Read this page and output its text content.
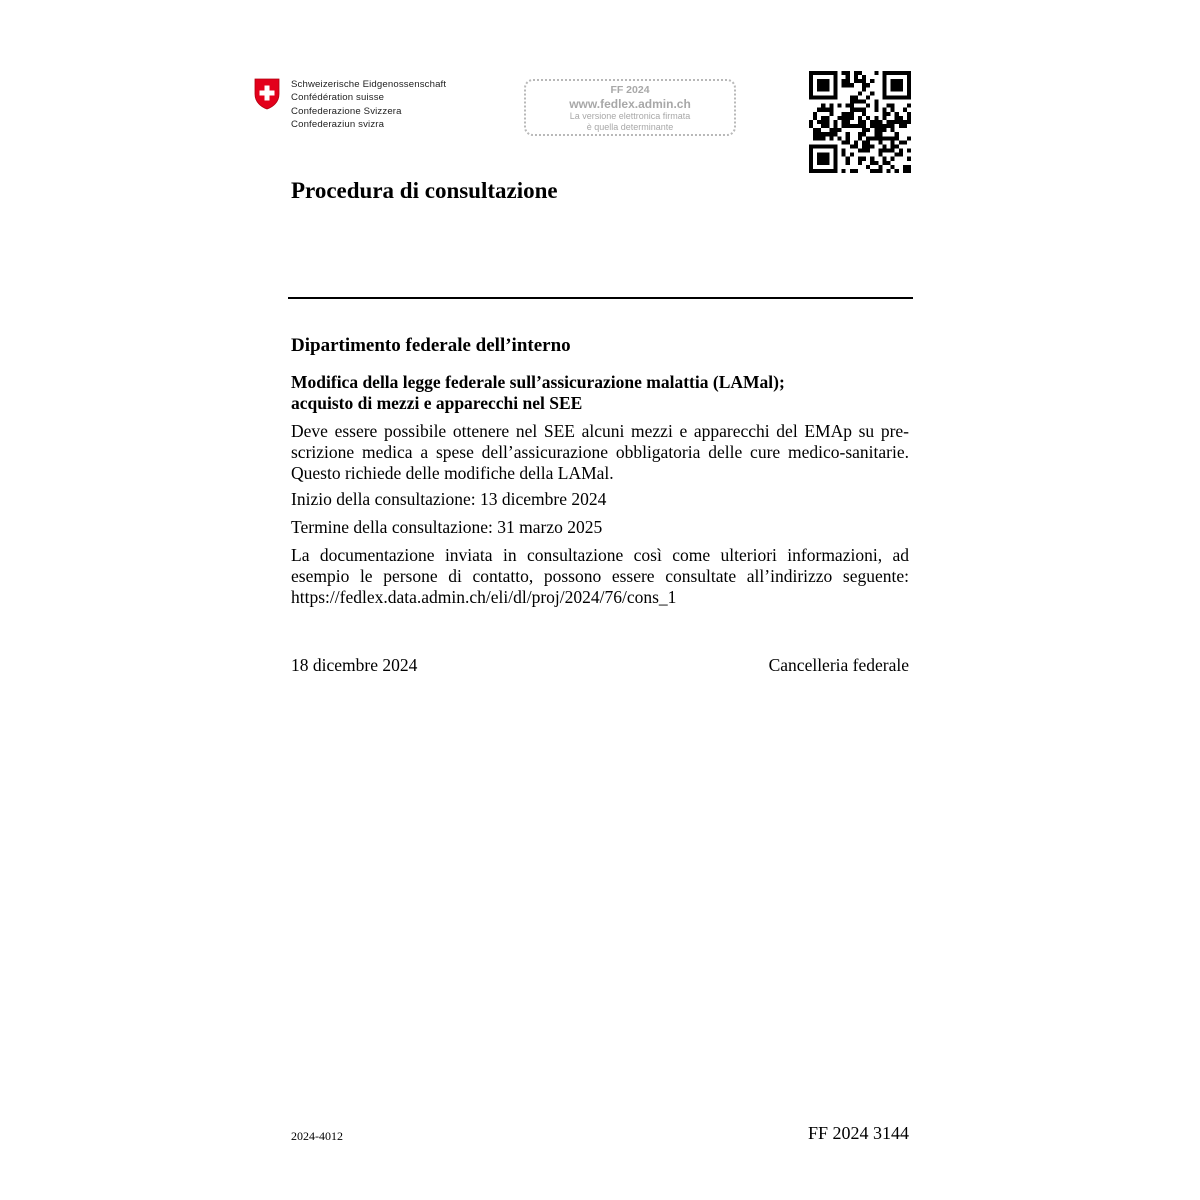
Schweizerische Eidgenossenschaft
Confédération suisse
Confederazione Svizzera
Confederaziun svizra
FF 2024
www.fedlex.admin.ch
La versione elettronica firmata
è quella determinante
Procedura di consultazione
Dipartimento federale dell’interno
Modifica della legge federale sull’assicurazione malattia (LAMal);
acquisto di mezzi e apparecchi nel SEE
Deve essere possibile ottenere nel SEE alcuni mezzi e apparecchi del EMAp su pre-
scrizione medica a spese dell’assicurazione obbligatoria delle cure medico-sanitarie.
Questo richiede delle modifiche della LAMal.
Inizio della consultazione: 13 dicembre 2024
Termine della consultazione: 31 marzo 2025
La documentazione inviata in consultazione così come ulteriori informazioni, ad
esempio le persone di contatto, possono essere consultate all’indirizzo seguente:
https://fedlex.data.admin.ch/eli/dl/proj/2024/76/cons_1
18 dicembre 2024	Cancelleria federale
2024-4012	FF 2024 3144
